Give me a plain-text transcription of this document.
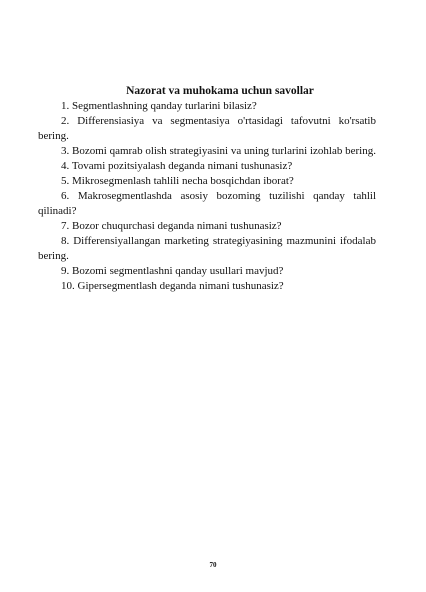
Nazorat va muhokama uchun savollar
1. Segmentlashning qanday turlarini bilasiz?
2. Differensiasiya va segmentasiya o'rtasidagi tafovutni ko'rsatib bering.
3. Bozomi qamrab olish strategiyasini va uning turlarini izohlab bering.
4. Tovami pozitsiyalash deganda nimani tushunasiz?
5. Mikrosegmenlash tahlili necha bosqichdan iborat?
6. Makrosegmentlashda asosiy bozoming tuzilishi qanday tahlil qilinadi?
7. Bozor chuqurchasi deganda nimani tushunasiz?
8. Differensiyallangan marketing strategiyasining mazmunini ifodalab bering.
9. Bozomi segmentlashni qanday usullari mavjud?
10. Gipersegmentlash deganda nimani tushunasiz?
70
